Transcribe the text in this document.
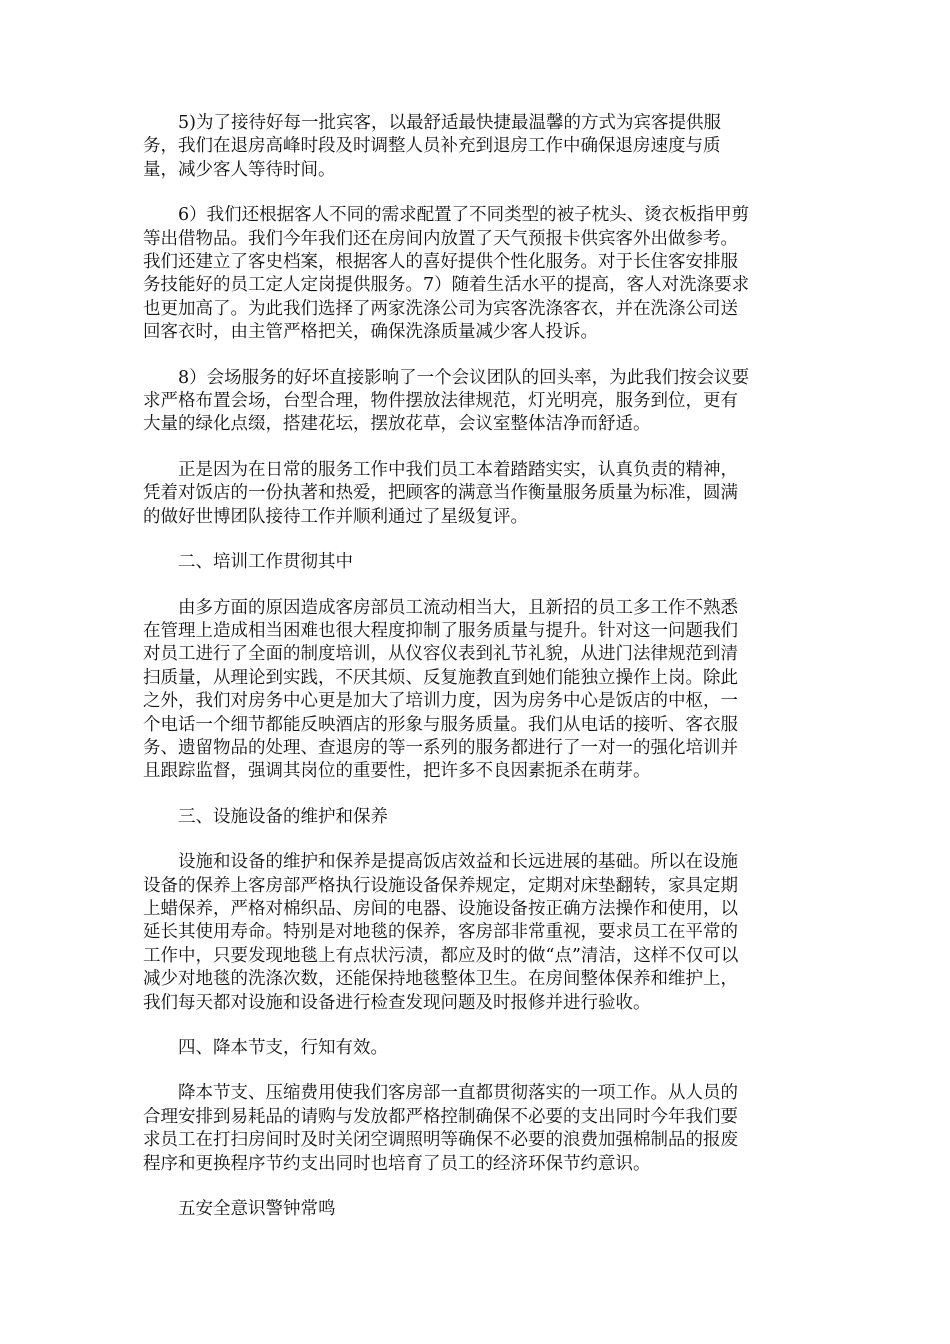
5)为了接待好每一批宾客，以最舒适最快捷最温馨的方式为宾客提供服
务，我们在退房高峰时段及时调整人员补充到退房工作中确保退房速度与质
量，减少客人等待时间。

6）我们还根据客人不同的需求配置了不同类型的被子枕头、烫衣板指甲剪
等出借物品。我们今年我们还在房间内放置了天气预报卡供宾客外出做参考。
我们还建立了客史档案，根据客人的喜好提供个性化服务。对于长住客安排服
务技能好的员工定人定岗提供服务。7）随着生活水平的提高，客人对洗涤要求
也更加高了。为此我们选择了两家洗涤公司为宾客洗涤客衣，并在洗涤公司送
回客衣时，由主管严格把关，确保洗涤质量减少客人投诉。

8）会场服务的好坏直接影响了一个会议团队的回头率，为此我们按会议要
求严格布置会场，台型合理，物件摆放法律规范，灯光明亮，服务到位，更有
大量的绿化点缀，搭建花坛，摆放花草，会议室整体洁净而舒适。

正是因为在日常的服务工作中我们员工本着踏踏实实，认真负责的精神，
凭着对饭店的一份执著和热爱，把顾客的满意当作衡量服务质量为标准，圆满
的做好世博团队接待工作并顺利通过了星级复评。

二、培训工作贯彻其中

由多方面的原因造成客房部员工流动相当大，且新招的员工多工作不熟悉
在管理上造成相当困难也很大程度抑制了服务质量与提升。针对这一问题我们
对员工进行了全面的制度培训，从仪容仪表到礼节礼貌，从进门法律规范到清
扫质量，从理论到实践，不厌其烦、反复施教直到她们能独立操作上岗。除此
之外，我们对房务中心更是加大了培训力度，因为房务中心是饭店的中枢，一
个电话一个细节都能反映酒店的形象与服务质量。我们从电话的接听、客衣服
务、遗留物品的处理、查退房的等一系列的服务都进行了一对一的强化培训并
且跟踪监督，强调其岗位的重要性，把许多不良因素扼杀在萌芽。

三、设施设备的维护和保养

设施和设备的维护和保养是提高饭店效益和长远进展的基础。所以在设施
设备的保养上客房部严格执行设施设备保养规定，定期对床垫翻转，家具定期
上蜡保养，严格对棉织品、房间的电器、设施设备按正确方法操作和使用，以
延长其使用寿命。特别是对地毯的保养，客房部非常重视，要求员工在平常的
工作中，只要发现地毯上有点状污渍，都应及时的做“点”清洁，这样不仅可以
减少对地毯的洗涤次数，还能保持地毯整体卫生。在房间整体保养和维护上，
我们每天都对设施和设备进行检查发现问题及时报修并进行验收。

四、降本节支，行知有效。

降本节支、压缩费用使我们客房部一直都贯彻落实的一项工作。从人员的
合理安排到易耗品的请购与发放都严格控制确保不必要的支出同时今年我们要
求员工在打扫房间时及时关闭空调照明等确保不必要的浪费加强棉制品的报废
程序和更换程序节约支出同时也培育了员工的经济环保节约意识。

五安全意识警钟常鸣
